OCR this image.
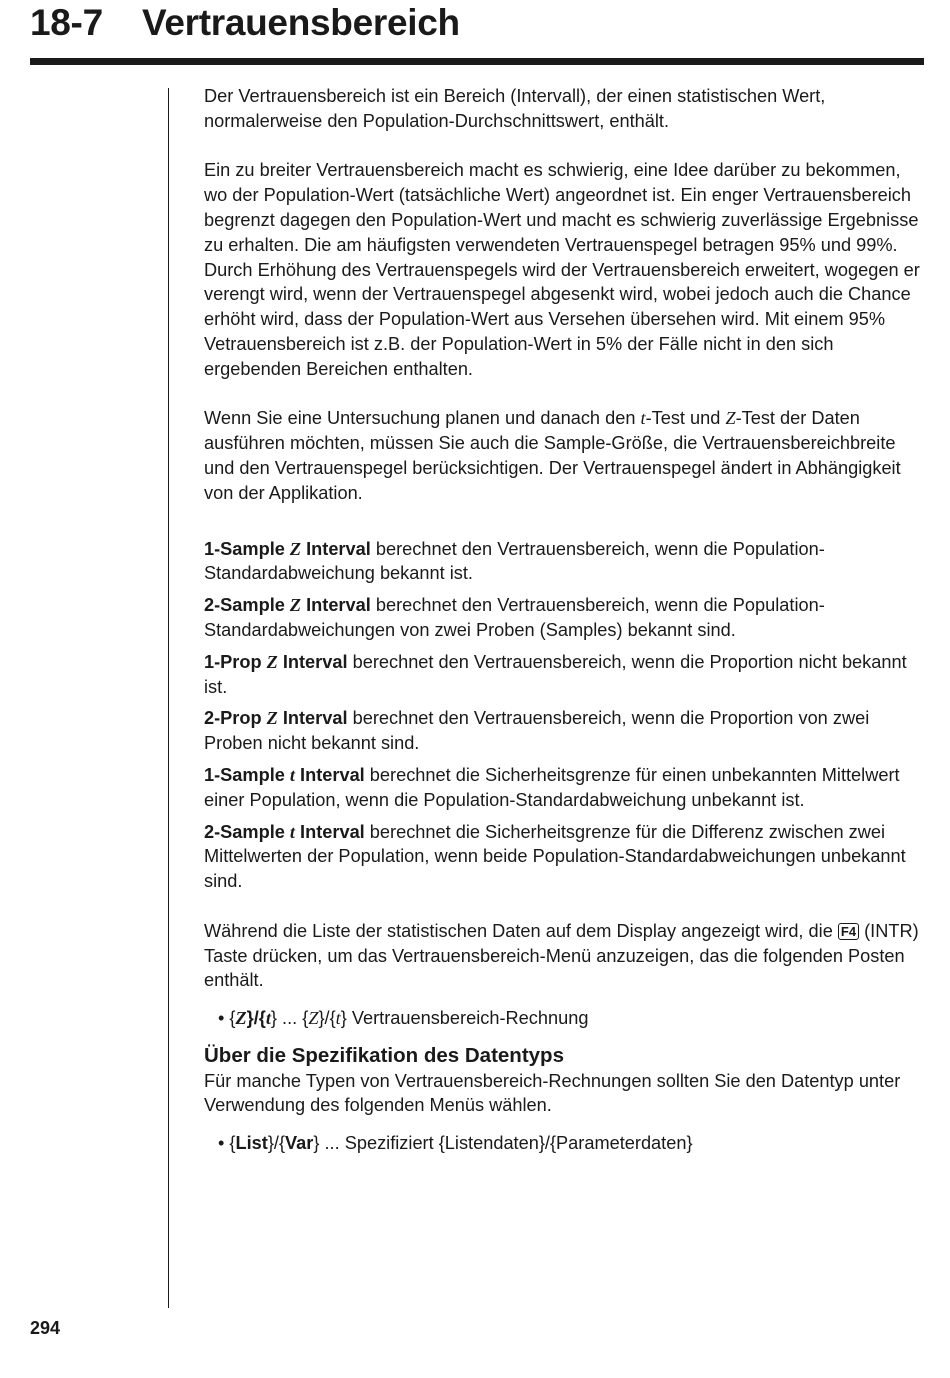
18-7 Vertrauensbereich

Der Vertrauensbereich ist ein Bereich (Intervall), der einen statistischen Wert, normalerweise den Population-Durchschnittswert, enthält.

Ein zu breiter Vertrauensbereich macht es schwierig, eine Idee darüber zu bekommen, wo der Population-Wert (tatsächliche Wert) angeordnet ist. Ein enger Vertrauensbereich begrenzt dagegen den Population-Wert und macht es schwierig zuverlässige Ergebnisse zu erhalten. Die am häufigsten verwendeten Vertrauenspegel betragen 95% und 99%. Durch Erhöhung des Vertrauenspegels wird der Vertrauensbereich erweitert, wogegen er verengt wird, wenn der Vertrauenspegel abgesenkt wird, wobei jedoch auch die Chance erhöht wird, dass der Population-Wert aus Versehen übersehen wird. Mit einem 95% Vetrauensbereich ist z.B. der Population-Wert in 5% der Fälle nicht in den sich ergebenden Bereichen enthalten.

Wenn Sie eine Untersuchung planen und danach den t-Test und Z-Test der Daten ausführen möchten, müssen Sie auch die Sample-Größe, die Vertrauensbereichbreite und den Vertrauenspegel berücksichtigen. Der Vertrauenspegel ändert in Abhängigkeit von der Applikation.

1-Sample Z Interval berechnet den Vertrauensbereich, wenn die Population-Standardabweichung bekannt ist.

2-Sample Z Interval berechnet den Vertrauensbereich, wenn die Population-Standardabweichungen von zwei Proben (Samples) bekannt sind.

1-Prop Z Interval berechnet den Vertrauensbereich, wenn die Proportion nicht bekannt ist.

2-Prop Z Interval berechnet den Vertrauensbereich, wenn die Proportion von zwei Proben nicht bekannt sind.

1-Sample t Interval berechnet die Sicherheitsgrenze für einen unbekannten Mittelwert einer Population, wenn die Population-Standardabweichung unbekannt ist.

2-Sample t Interval berechnet die Sicherheitsgrenze für die Differenz zwischen zwei Mittelwerten der Population, wenn beide Population-Standardabweichungen unbekannt sind.

Während die Liste der statistischen Daten auf dem Display angezeigt wird, die F4 (INTR) Taste drücken, um das Vertrauensbereich-Menü anzuzeigen, das die folgenden Posten enthält.

• {Z}/{t} ... {Z}/{t} Vertrauensbereich-Rechnung

Über die Spezifikation des Datentyps

Für manche Typen von Vertrauensbereich-Rechnungen sollten Sie den Datentyp unter Verwendung des folgenden Menüs wählen.

• {List}/{Var} ... Spezifiziert {Listendaten}/{Parameterdaten}

294
